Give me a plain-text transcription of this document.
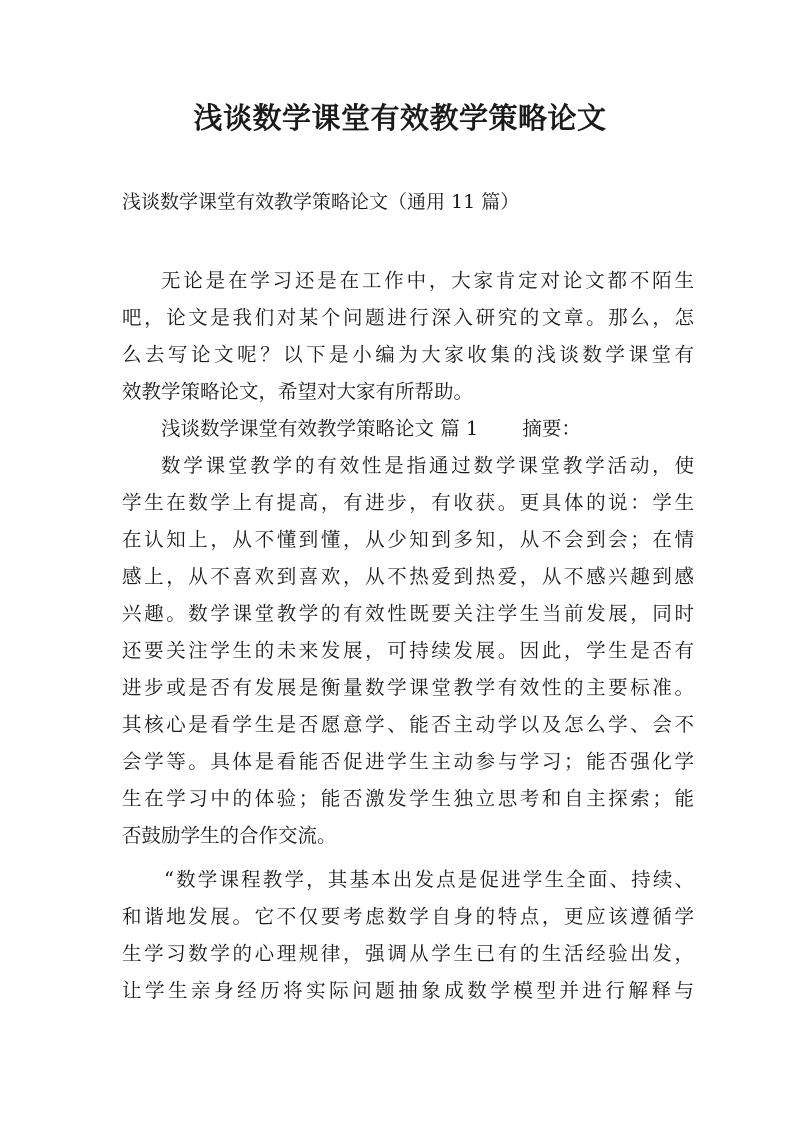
浅谈数学课堂有效教学策略论文
浅谈数学课堂有效教学策略论文（通用 11 篇）
无论是在学习还是在工作中，大家肯定对论文都不陌生
吧，论文是我们对某个问题进行深入研究的文章。那么，怎
么去写论文呢？以下是小编为大家收集的浅谈数学课堂有
效教学策略论文，希望对大家有所帮助。
浅谈数学课堂有效教学策略论文 篇 1 摘要：
数学课堂教学的有效性是指通过数学课堂教学活动，使
学生在数学上有提高，有进步，有收获。更具体的说：学生
在认知上，从不懂到懂，从少知到多知，从不会到会；在情
感上，从不喜欢到喜欢，从不热爱到热爱，从不感兴趣到感
兴趣。数学课堂教学的有效性既要关注学生当前发展，同时
还要关注学生的未来发展，可持续发展。因此，学生是否有
进步或是否有发展是衡量数学课堂教学有效性的主要标准。
其核心是看学生是否愿意学、能否主动学以及怎么学、会不
会学等。具体是看能否促进学生主动参与学习；能否强化学
生在学习中的体验；能否激发学生独立思考和自主探索；能
否鼓励学生的合作交流。
“数学课程教学，其基本出发点是促进学生全面、持续、
和谐地发展。它不仅要考虑数学自身的特点，更应该遵循学
生学习数学的心理规律，强调从学生已有的生活经验出发，
让学生亲身经历将实际问题抽象成数学模型并进行解释与
